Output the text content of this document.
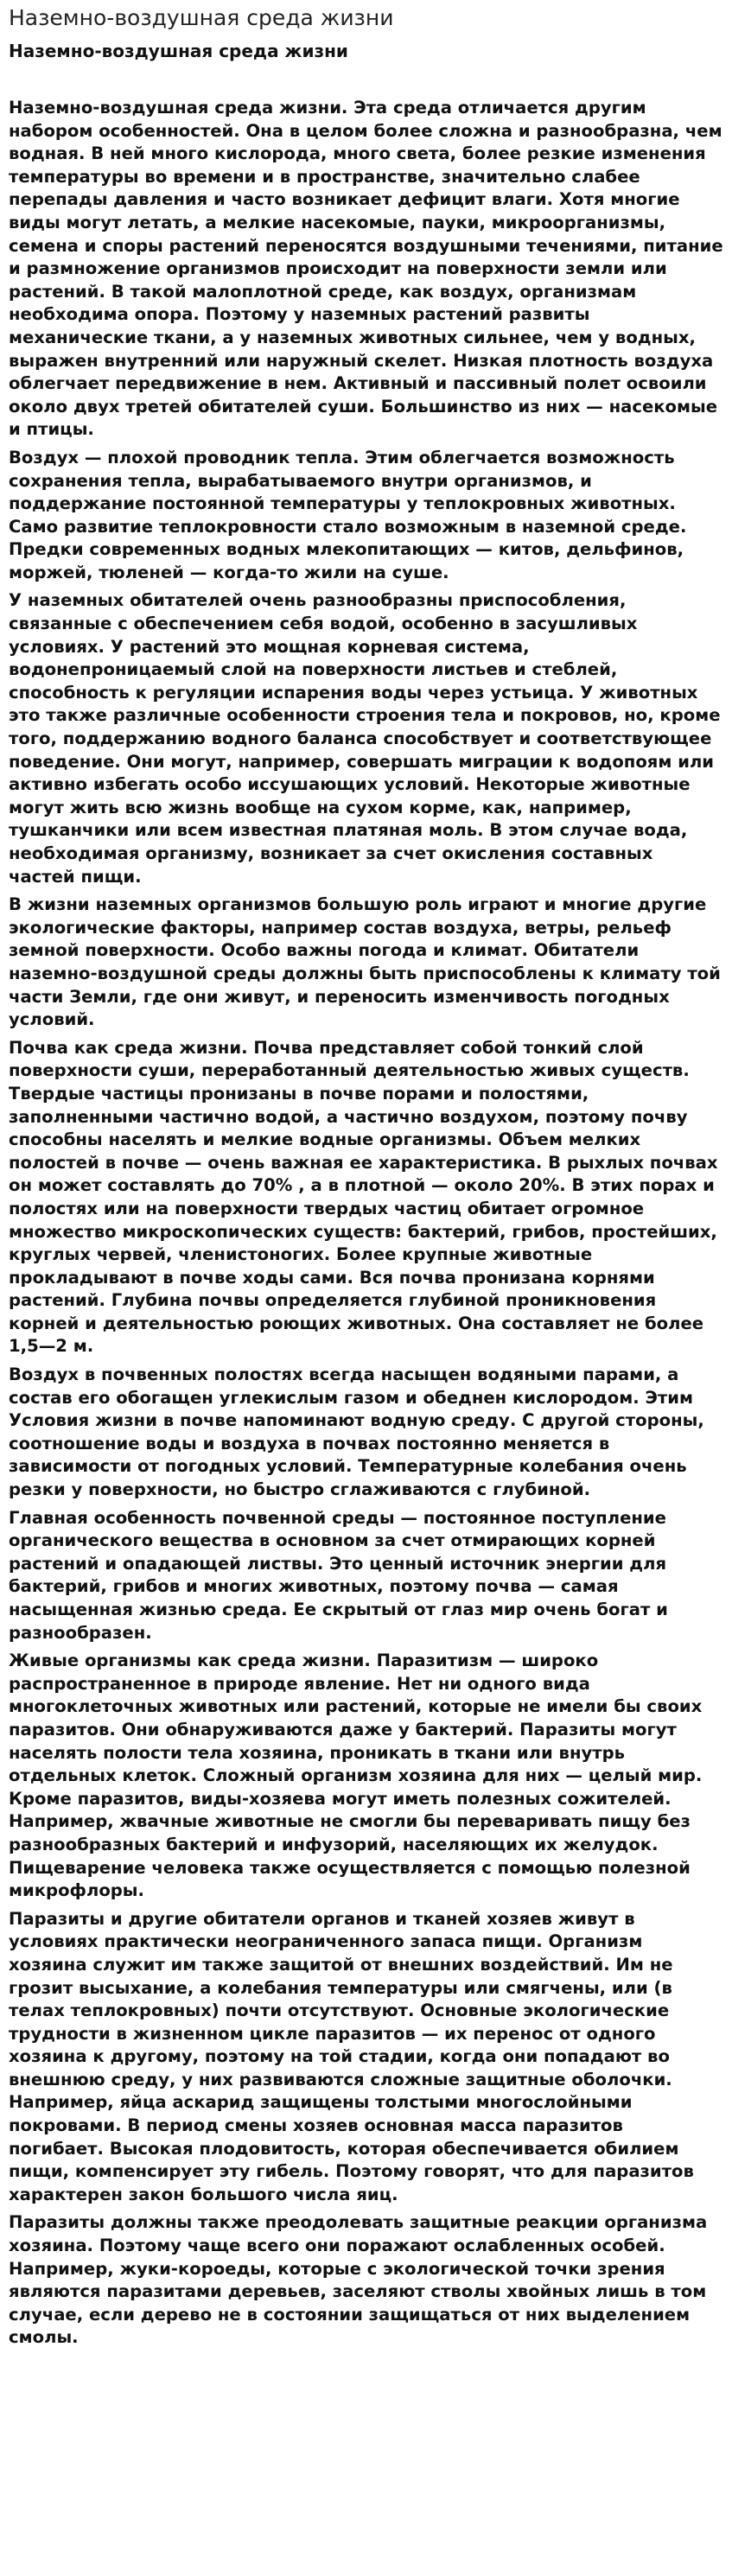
Наземно-воздушная среда жизни
Наземно-воздушная среда жизни

Наземно-воздушная среда жизни. Эта среда отличается другим набором особенностей. Она в целом более сложна и разнообразна, чем водная. В ней много кислорода, много света, более резкие изменения температуры во времени и в пространстве, значительно слабее перепады давления и часто возникает дефицит влаги. Хотя многие виды могут летать, а мелкие насекомые, пауки, микроорганизмы, семена и споры растений переносятся воздушными течениями, питание и размножение организмов происходит на поверхности земли или растений. В такой малоплотной среде, как воздух, организмам необходима опора. Поэтому у наземных растений развиты механические ткани, а у наземных животных сильнее, чем у водных, выражен внутренний или наружный скелет. Низкая плотность воздуха облегчает передвижение в нем. Активный и пассивный полет освоили около двух третей обитателей суши. Большинство из них — насекомые и птицы.

Воздух — плохой проводник тепла. Этим облегчается возможность сохранения тепла, вырабатываемого внутри организмов, и поддержание постоянной температуры у теплокровных животных. Само развитие теплокровности стало возможным в наземной среде. Предки современных водных млекопитающих — китов, дельфинов, моржей, тюленей — когда-то жили на суше.

У наземных обитателей очень разнообразны приспособления, связанные с обеспечением себя водой, особенно в засушливых условиях. У растений это мощная корневая система, водонепроницаемый слой на поверхности листьев и стеблей, способность к регуляции испарения воды через устьица. У животных это также различные особенности строения тела и покровов, но, кроме того, поддержанию водного баланса способствует и соответствующее поведение. Они могут, например, совершать миграции к водопоям или активно избегать особо иссушающих условий. Некоторые животные могут жить всю жизнь вообще на сухом корме, как, например, тушканчики или всем известная платяная моль. В этом случае вода, необходимая организму, возникает за счет окисления составных частей пищи.

В жизни наземных организмов большую роль играют и многие другие экологические факторы, например состав воздуха, ветры, рельеф земной поверхности. Особо важны погода и климат. Обитатели наземно-воздушной среды должны быть приспособлены к климату той части Земли, где они живут, и переносить изменчивость погодных условий.

Почва как среда жизни. Почва представляет собой тонкий слой поверхности суши, переработанный деятельностью живых существ. Твердые частицы пронизаны в почве порами и полостями, заполненными частично водой, а частично воздухом, поэтому почву способны населять и мелкие водные организмы. Объем мелких полостей в почве — очень важная ее характеристика. В рыхлых почвах он может составлять до 70% , а в плотной — около 20%. В этих порах и полостях или на поверхности твердых частиц обитает огромное множество микроскопических существ: бактерий, грибов, простейших, круглых червей, членистоногих. Более крупные животные прокладывают в почве ходы сами. Вся почва пронизана корнями растений. Глубина почвы определяется глубиной проникновения корней и деятельностью роющих животных. Она составляет не более 1,5—2 м.

Воздух в почвенных полостях всегда насыщен водяными парами, а состав его обогащен углекислым газом и обеднен кислородом. Этим Условия жизни в почве напоминают водную среду. С другой стороны, соотношение воды и воздуха в почвах постоянно меняется в зависимости от погодных условий. Температурные колебания очень резки у поверхности, но быстро сглаживаются с глубиной.

Главная особенность почвенной среды — постоянное поступление органического вещества в основном за счет отмирающих корней растений и опадающей листвы. Это ценный источник энергии для бактерий, грибов и многих животных, поэтому почва — самая насыщенная жизнью среда. Ее скрытый от глаз мир очень богат и разнообразен.

Живые организмы как среда жизни. Паразитизм — широко распространенное в природе явление. Нет ни одного вида многоклеточных животных или растений, которые не имели бы своих паразитов. Они обнаруживаются даже у бактерий. Паразиты могут населять полости тела хозяина, проникать в ткани или внутрь отдельных клеток. Сложный организм хозяина для них — целый мир. Кроме паразитов, виды-хозяева могут иметь полезных сожителей. Например, жвачные животные не смогли бы переваривать пищу без разнообразных бактерий и инфузорий, населяющих их желудок. Пищеварение человека также осуществляется с помощью полезной микрофлоры.

Паразиты и другие обитатели органов и тканей хозяев живут в условиях практически неограниченного запаса пищи. Организм хозяина служит им также защитой от внешних воздействий. Им не грозит высыхание, а колебания температуры или смягчены, или (в телах теплокровных) почти отсутствуют. Основные экологические трудности в жизненном цикле паразитов — их перенос от одного хозяина к другому, поэтому на той стадии, когда они попадают во внешнюю среду, у них развиваются сложные защитные оболочки. Например, яйца аскарид защищены толстыми многослойными покровами. В период смены хозяев основная масса паразитов погибает. Высокая плодовитость, которая обеспечивается обилием пищи, компенсирует эту гибель. Поэтому говорят, что для паразитов характерен закон большого числа яиц.

Паразиты должны также преодолевать защитные реакции организма хозяина. Поэтому чаще всего они поражают ослабленных особей. Например, жуки-короеды, которые с экологической точки зрения являются паразитами деревьев, заселяют стволы хвойных лишь в том случае, если дерево не в состоянии защищаться от них выделением смолы.
